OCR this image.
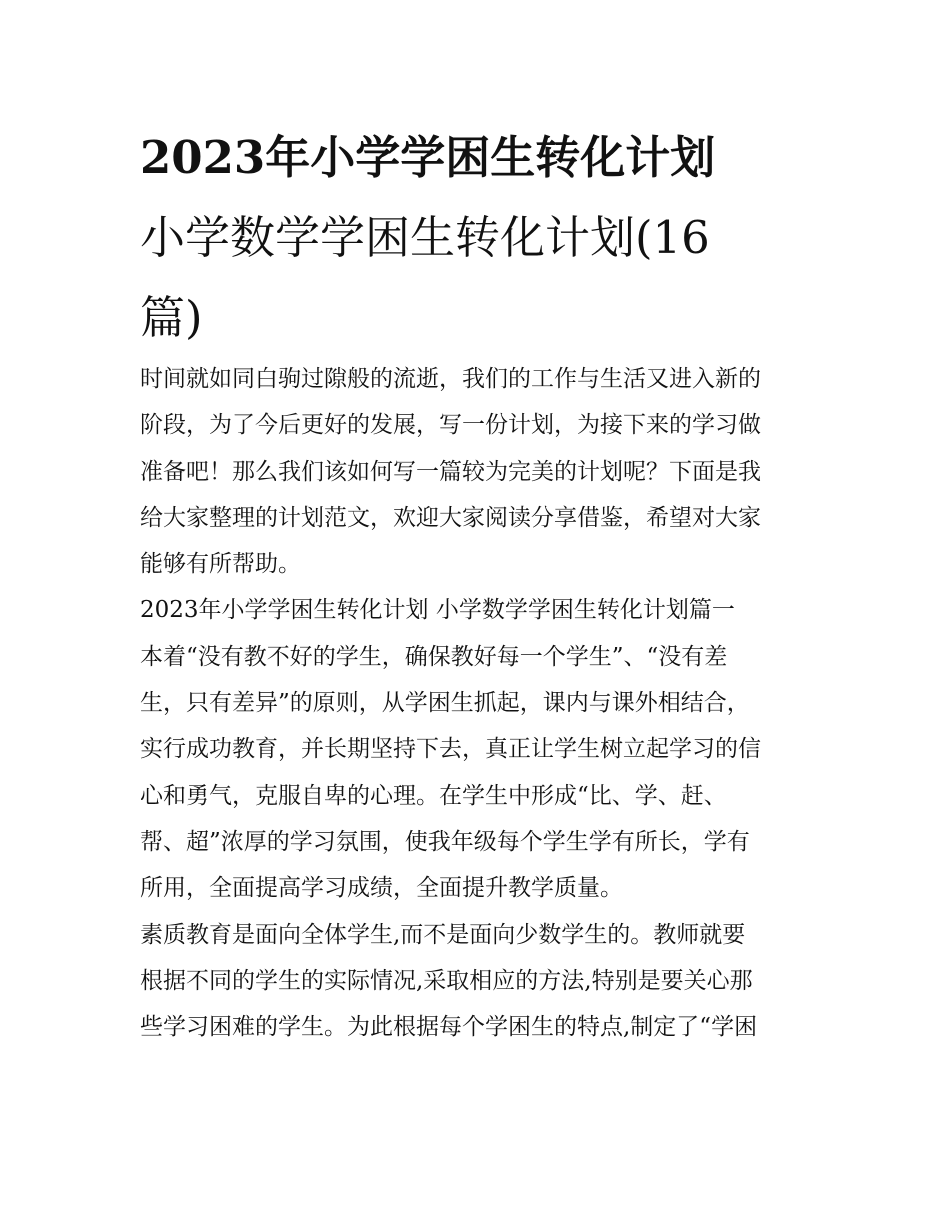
2023年小学学困生转化计划
小学数学学困生转化计划(16
篇)
时间就如同白驹过隙般的流逝，我们的工作与生活又进入新的
阶段，为了今后更好的发展，写一份计划，为接下来的学习做
准备吧！那么我们该如何写一篇较为完美的计划呢？下面是我
给大家整理的计划范文，欢迎大家阅读分享借鉴，希望对大家
能够有所帮助。
2023年小学学困生转化计划 小学数学学困生转化计划篇一
本着“没有教不好的学生，确保教好每一个学生”、“没有差
生，只有差异”的原则，从学困生抓起，课内与课外相结合，
实行成功教育，并长期坚持下去，真正让学生树立起学习的信
心和勇气，克服自卑的心理。在学生中形成“比、学、赶、
帮、超”浓厚的学习氛围，使我年级每个学生学有所长，学有
所用，全面提高学习成绩，全面提升教学质量。
素质教育是面向全体学生,而不是面向少数学生的。教师就要
根据不同的学生的实际情况,采取相应的方法,特别是要关心那
些学习困难的学生。为此根据每个学困生的特点,制定了“学困
